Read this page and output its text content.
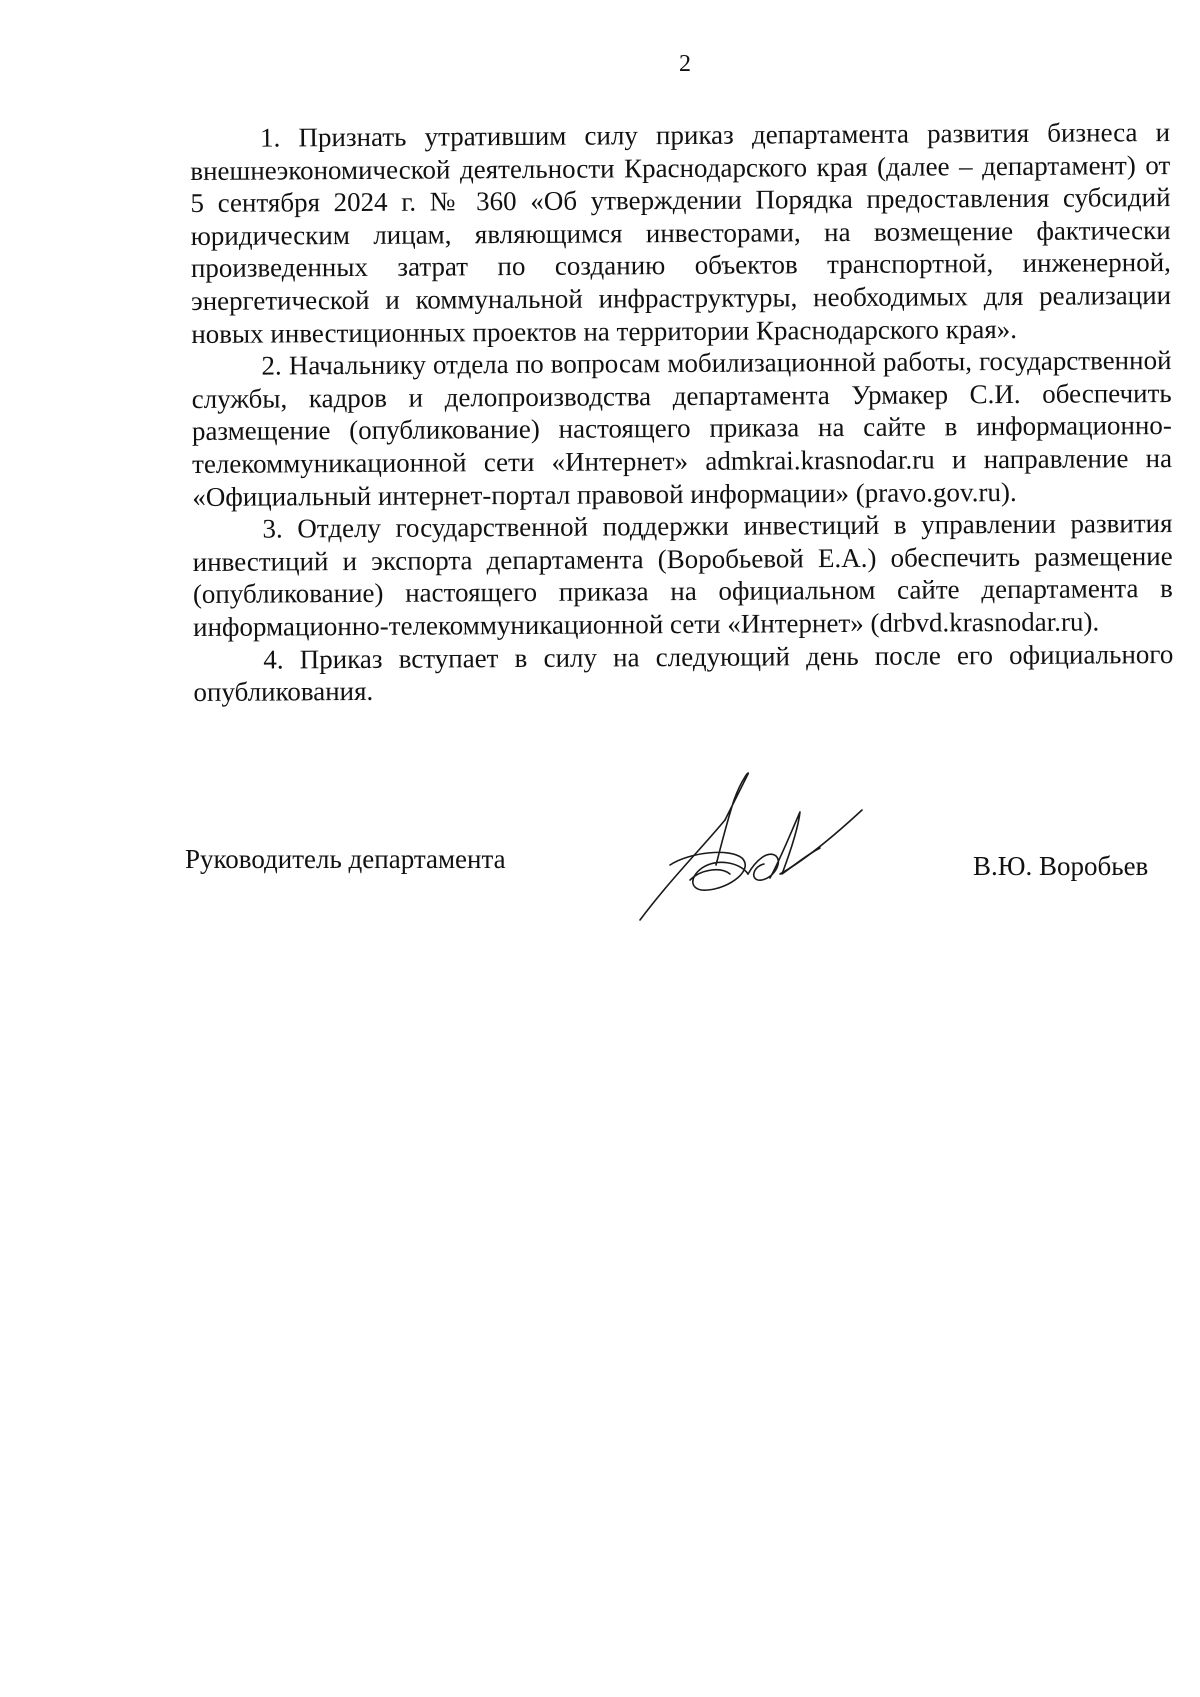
2

1. Признать утратившим силу приказ департамента развития бизнеса и внешнеэкономической деятельности Краснодарского края (далее – департамент) от 5 сентября 2024 г. № 360 «Об утверждении Порядка предоставления субсидий юридическим лицам, являющимся инвесторами, на возмещение фактически произведенных затрат по созданию объектов транспортной, инженерной, энергетической и коммунальной инфраструктуры, необходимых для реализации новых инвестиционных проектов на территории Краснодарского края».

2. Начальнику отдела по вопросам мобилизационной работы, государственной службы, кадров и делопроизводства департамента Урмакер С.И. обеспечить размещение (опубликование) настоящего приказа на сайте в информационно-телекоммуникационной сети «Интернет» admkrai.krasnodar.ru и направление на «Официальный интернет-портал правовой информации» (pravo.gov.ru).

3. Отделу государственной поддержки инвестиций в управлении развития инвестиций и экспорта департамента (Воробьевой Е.А.) обеспечить размещение (опубликование) настоящего приказа на официальном сайте департамента в информационно-телекоммуникационной сети «Интернет» (drbvd.krasnodar.ru).

4. Приказ вступает в силу на следующий день после его официального опубликования.

Руководитель департамента	В.Ю. Воробьев
